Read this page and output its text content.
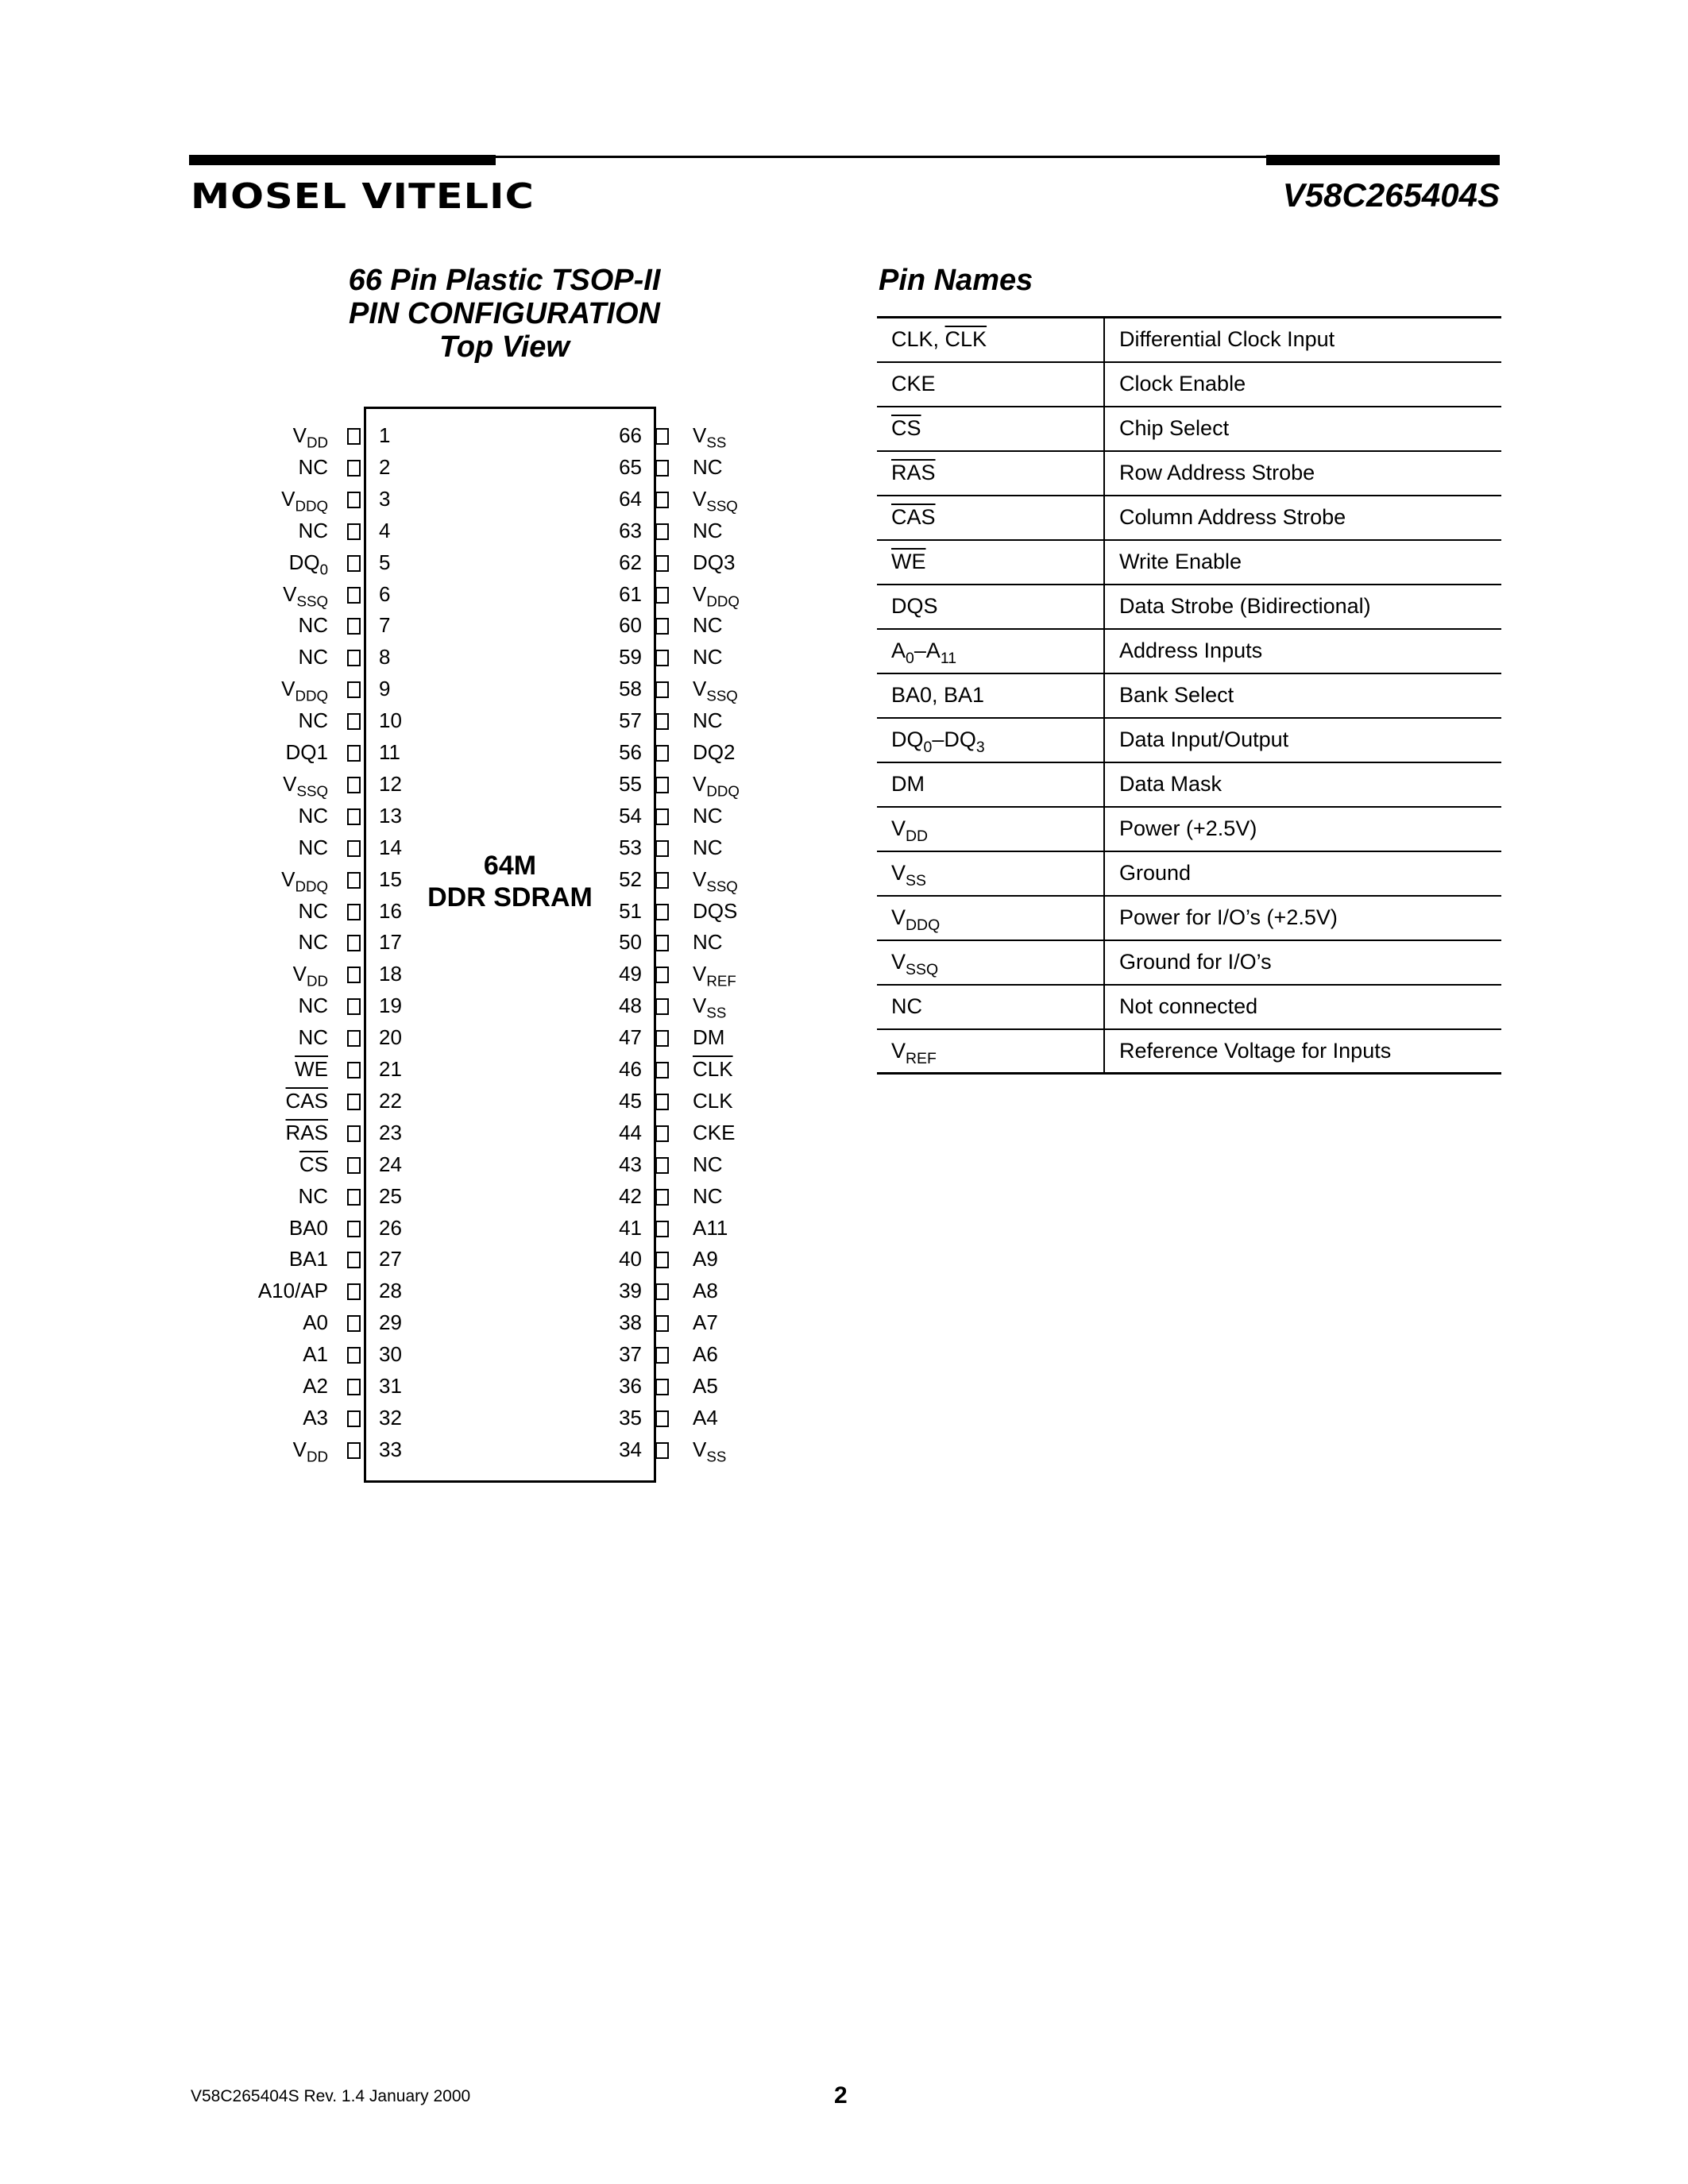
MOSEL VITELIC	V58C265404S
66 Pin Plastic TSOP-II
PIN CONFIGURATION
Top View
64M
DDR SDRAM
$V_{DD}$ 1
NC 2
$V_{DDQ}$ 3
NC 4
$DQ_0$ 5
$V_{SSQ}$ 6
NC 7
NC 8
$V_{DDQ}$ 9
NC 10
DQ1 11
$V_{SSQ}$ 12
NC 13
NC 14
$V_{DDQ}$ 15
NC 16
NC 17
$V_{DD}$ 18
NC 19
NC 20
$\overline{WE}$ 21
$\overline{CAS}$ 22
$\overline{RAS}$ 23
$\overline{CS}$ 24
NC 25
BA0 26
BA1 27
A10/AP 28
A0 29
A1 30
A2 31
A3 32
$V_{DD}$ 33
66 $V_{SS}$
65 NC
64 $V_{SSQ}$
63 NC
62 DQ3
61 $V_{DDQ}$
60 NC
59 NC
58 $V_{SSQ}$
57 NC
56 DQ2
55 $V_{DDQ}$
54 NC
53 NC
52 $V_{SSQ}$
51 DQS
50 NC
49 $V_{REF}$
48 $V_{SS}$
47 DM
46 $\overline{CLK}$
45 CLK
44 CKE
43 NC
42 NC
41 A11
40 A9
39 A8
38 A7
37 A6
36 A5
35 A4
34 $V_{SS}$
Pin Names
CLK, $\overline{CLK}$	Differential Clock Input
CKE	Clock Enable
$\overline{CS}$	Chip Select
$\overline{RAS}$	Row Address Strobe
$\overline{CAS}$	Column Address Strobe
$\overline{WE}$	Write Enable
DQS	Data Strobe (Bidirectional)
$A_0-A_{11}$	Address Inputs
BA0, BA1	Bank Select
$DQ_0-DQ_3$	Data Input/Output
DM	Data Mask
$V_{DD}$	Power (+2.5V)
$V_{SS}$	Ground
$V_{DDQ}$	Power for I/O’s (+2.5V)
$V_{SSQ}$	Ground for I/O’s
NC	Not connected
$V_{REF}$	Reference Voltage for Inputs
V58C265404S Rev. 1.4 January 2000	2
